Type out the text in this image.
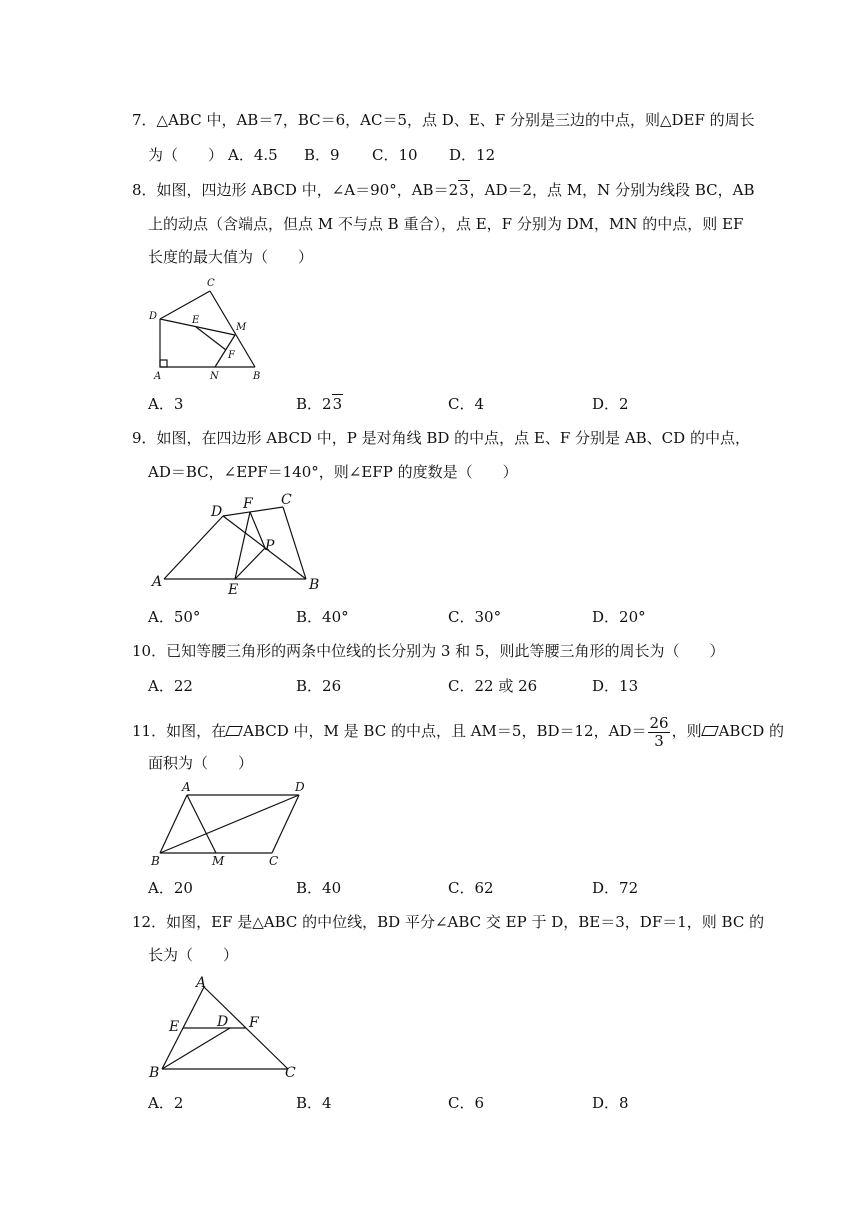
7．△ABC 中，AB＝7，BC＝6，AC＝5，点 D、E、F 分别是三边的中点，则△DEF 的周长
为（　　） A．4.5 B．9 C．10 D．12
8．如图，四边形 ABCD 中，∠A＝90°，AB＝23，AD＝2，点 M，N 分别为线段 BC，AB
上的动点（含端点，但点 M 不与点 B 重合），点 E，F 分别为 DM，MN 的中点，则 EF
长度的最大值为（　　）
C
D	E
M
F
A	N	B
A．3	B．23	C．4	D．2
9．如图，在四边形 ABCD 中，P 是对角线 BD 的中点，点 E、F 分别是 AB、CD 的中点，
AD＝BC，∠EPF＝140°，则∠EFP 的度数是（　　）
D F C
P
A	E	B
A．50°	B．40°	C．30°	D．20°
10．已知等腰三角形的两条中位线的长分别为 3 和 5，则此等腰三角形的周长为（　　）
A．22	B．26	C．22 或 26	D．13
11．如图，在 ABCD 中，M 是 BC 的中点，且 AM＝5，BD＝12，$AD= \frac{26}{3}$ ，则 ABCD 的
面积为（　　）
A	D
B	M	C
A．20	B．40	C．62	D．72
12．如图，EF 是△ABC 的中位线，BD 平分∠ABC 交 EP 于 D，BE＝3，DF＝1，则 BC 的
长为（　　）
A
E	D F
B	C
A．2	B．4	C．6	D．8
